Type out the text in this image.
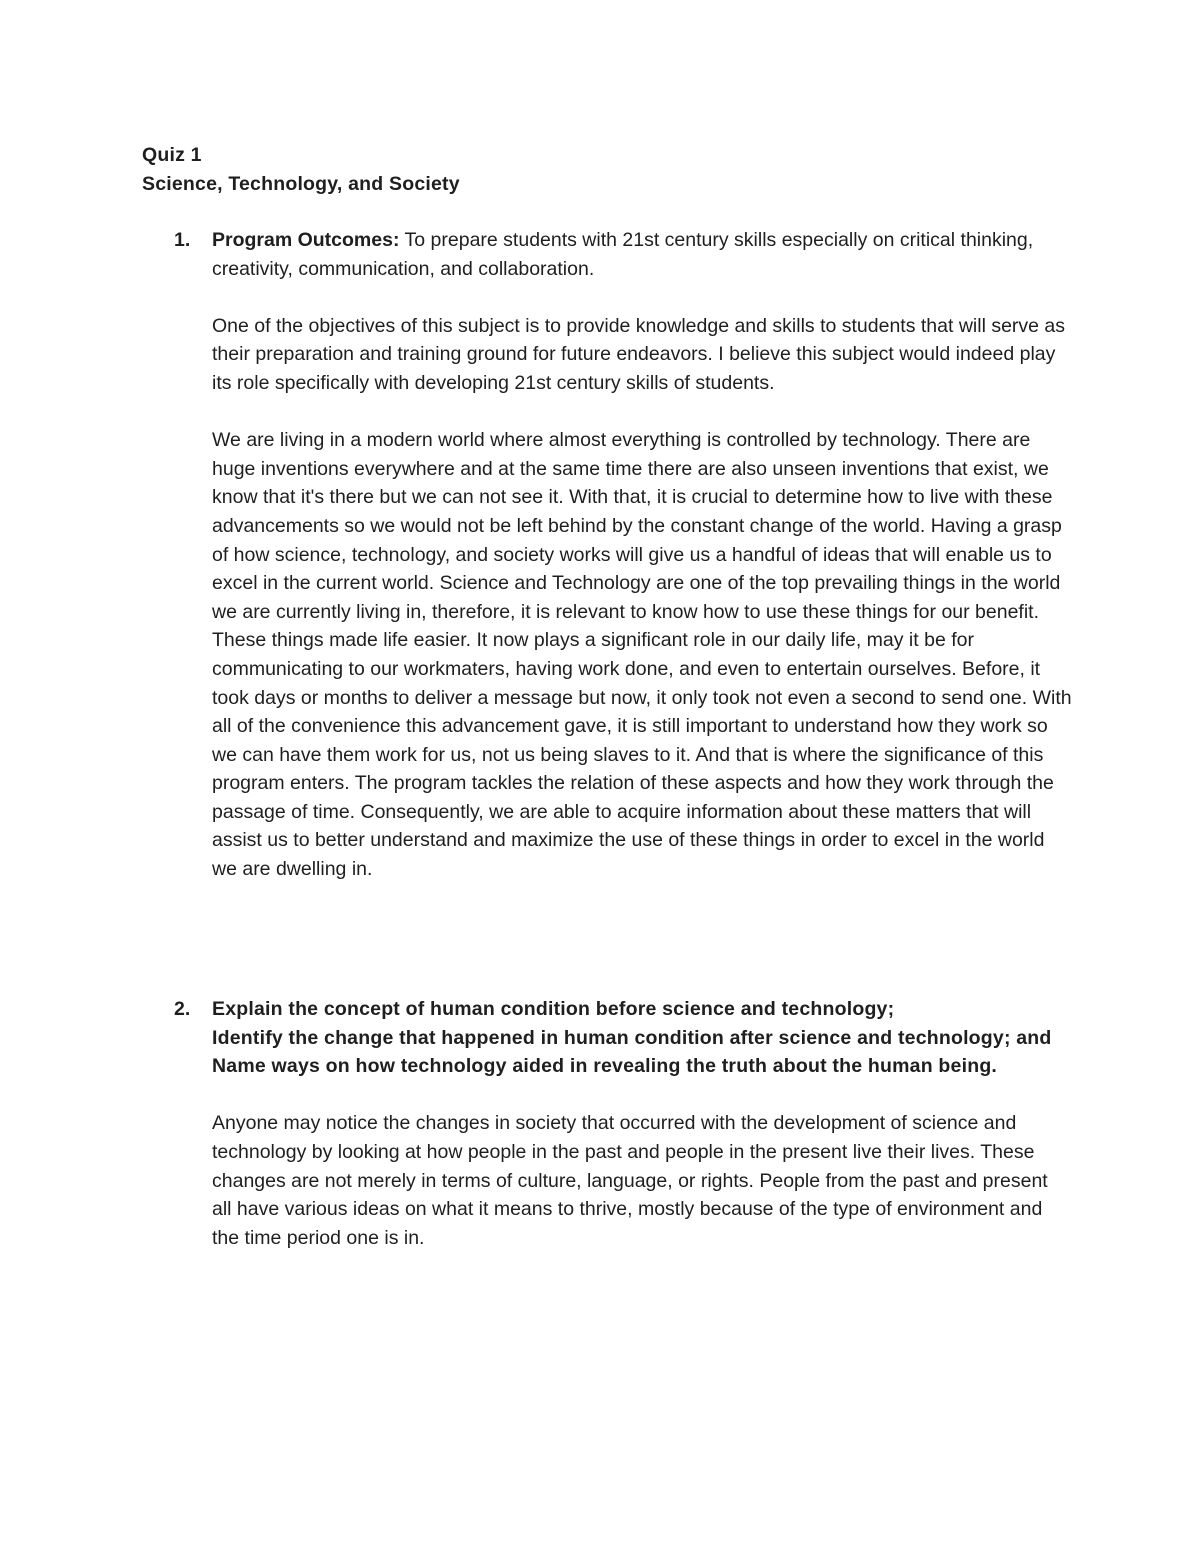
Quiz 1
Science, Technology, and Society
1. Program Outcomes: To prepare students with 21st century skills especially on critical thinking, creativity, communication, and collaboration.

One of the objectives of this subject is to provide knowledge and skills to students that will serve as their preparation and training ground for future endeavors. I believe this subject would indeed play its role specifically with developing 21st century skills of students.

We are living in a modern world where almost everything is controlled by technology. There are huge inventions everywhere and at the same time there are also unseen inventions that exist, we know that it's there but we can not see it. With that, it is crucial to determine how to live with these advancements so we would not be left behind by the constant change of the world. Having a grasp of how science, technology, and society works will give us a handful of ideas that will enable us to excel in the current world. Science and Technology are one of the top prevailing things in the world we are currently living in, therefore, it is relevant to know how to use these things for our benefit. These things made life easier. It now plays a significant role in our daily life, may it be for communicating to our workmaters, having work done, and even to entertain ourselves. Before, it took days or months to deliver a message but now, it only took not even a second to send one. With all of the convenience this advancement gave, it is still important to understand how they work so we can have them work for us, not us being slaves to it. And that is where the significance of this program enters. The program tackles the relation of these aspects and how they work through the passage of time. Consequently, we are able to acquire information about these matters that will assist us to better understand and maximize the use of these things in order to excel in the world we are dwelling in.

2. Explain the concept of human condition before science and technology;
Identify the change that happened in human condition after science and technology; and
Name ways on how technology aided in revealing the truth about the human being.

Anyone may notice the changes in society that occurred with the development of science and technology by looking at how people in the past and people in the present live their lives. These changes are not merely in terms of culture, language, or rights. People from the past and present all have various ideas on what it means to thrive, mostly because of the type of environment and the time period one is in.
